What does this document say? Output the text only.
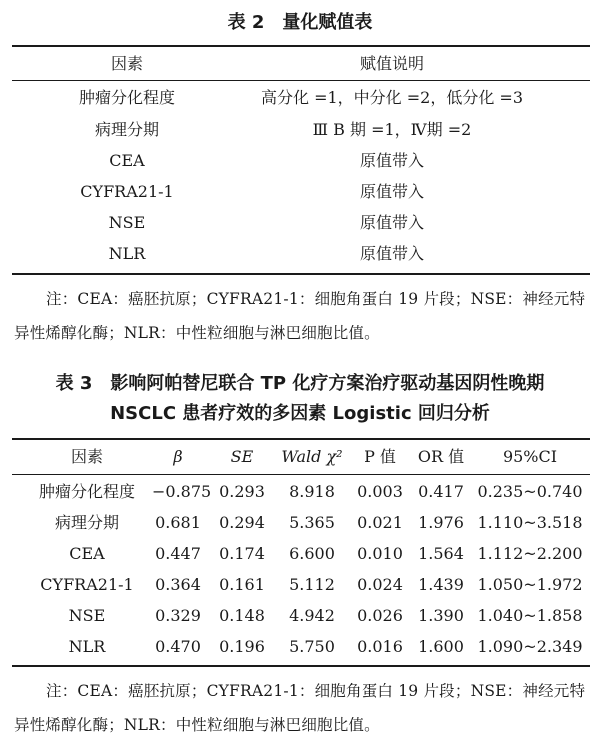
表 2　量化赋值表
因素	赋值说明
肿瘤分化程度	高分化 =1，中分化 =2，低分化 =3
病理分期	Ⅲ B 期 =1，Ⅳ期 =2
CEA	原值带入
CYFRA21-1	原值带入
NSE	原值带入
NLR	原值带入
注：CEA：癌胚抗原；CYFRA21-1：细胞角蛋白 19 片段；NSE：神经元特异性烯醇化酶；NLR：中性粒细胞与淋巴细胞比值。
表 3　影响阿帕替尼联合 TP 化疗方案治疗驱动基因阴性晚期
NSCLC 患者疗效的多因素 Logistic 回归分析
因素	β	SE	Wald χ²	P 值	OR 值	95%CI
肿瘤分化程度	−0.875 0.293	8.918	0.003 0.417 0.235~0.740
病理分期	0.681	0.294	5.365	0.021 1.976 1.110~3.518
CEA	0.447	0.174	6.600	0.010 1.564 1.112~2.200
CYFRA21-1	0.364	0.161	5.112	0.024 1.439 1.050~1.972
NSE	0.329	0.148	4.942	0.026 1.390 1.040~1.858
NLR	0.470	0.196	5.750	0.016 1.600 1.090~2.349
注：CEA：癌胚抗原；CYFRA21-1：细胞角蛋白 19 片段；NSE：神经元特异性烯醇化酶；NLR：中性粒细胞与淋巴细胞比值。
